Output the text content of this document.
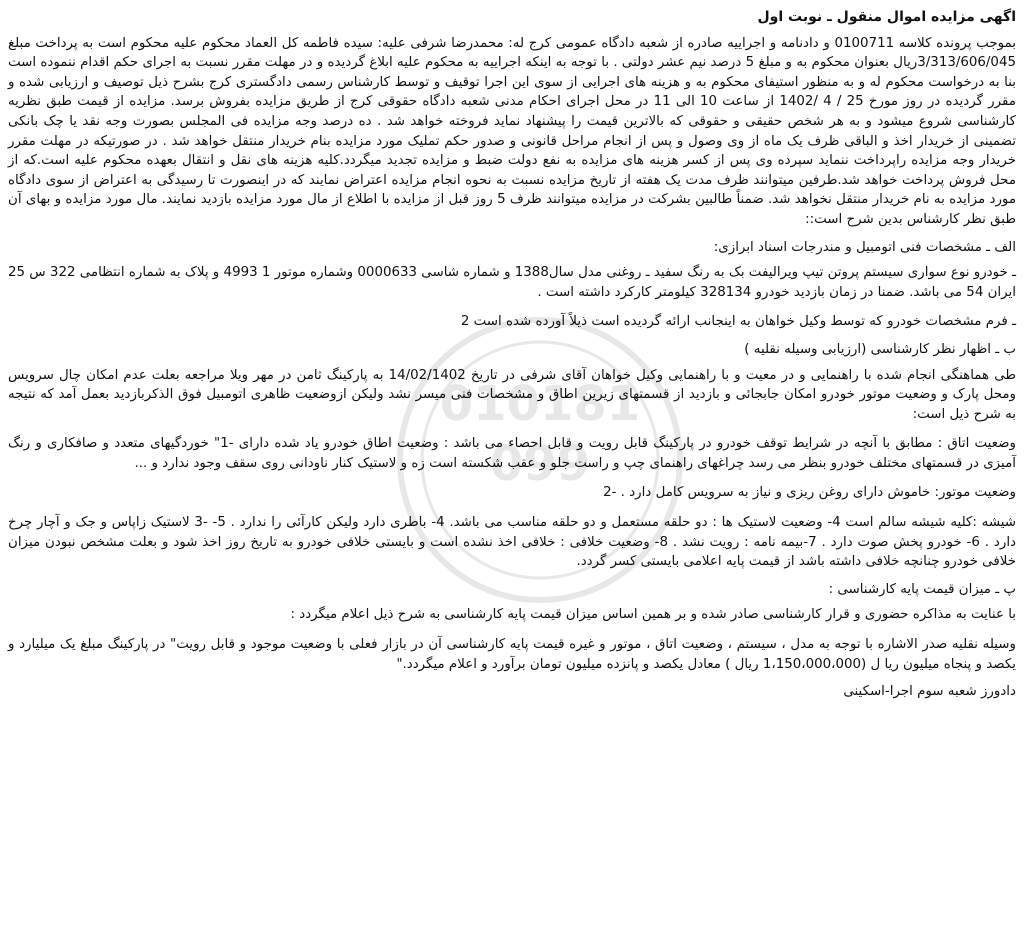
010181
099
اگهی مزایده اموال منقول ـ نوبت اول

بموجب پرونده کلاسه 0100711 و دادنامه و اجراییه صادره از شعبه دادگاه عمومی کرج له: محمدرضا شرفی علیه: سیده فاطمه کل العماد محکوم علیه محکوم است به پرداخت مبلغ 3/313/606/045ریال بعنوان محکوم به و مبلغ 5 درصد نیم عشر دولتی . با توجه به اینکه اجراییه به محکوم علیه ابلاغ گردیده و در مهلت مقرر نسبت به اجرای حکم اقدام ننموده است بنا به درخواست محکوم له و به منظور استیفای محکوم به و هزینه های اجرایی از سوی این اجرا توقیف و توسط کارشناس رسمی دادگستری کرج بشرح ذیل توصیف و ارزیابی شده و مقرر گردیده در روز مورخ 25 / 4 /1402 از ساعت 10 الی 11 در محل اجرای احکام مدنی شعبه دادگاه حقوقی کرج از طریق مزایده بفروش برسد. مزایده از قیمت طبق نظریه کارشناسی شروع میشود و به هر شخص حقیقی و حقوقی که بالاترین قیمت را پیشنهاد نماید فروخته خواهد شد . ده درصد وجه مزایده فی المجلس بصورت وجه نقد یا چک بانکی تضمینی از خریدار اخذ و الباقی ظرف یک ماه از وی وصول و پس از انجام مراحل قانونی و صدور حکم تملیک مورد مزایده بنام خریدار منتقل خواهد شد . در صورتیکه در مهلت مقرر خریدار وجه مزایده راپرداخت ننماید سپرده وی پس از کسر هزینه های مزایده به نفع دولت ضبط و مزایده تجدید میگردد.کلیه هزینه های نقل و انتقال بعهده محکوم علیه است.که از محل فروش پرداخت خواهد شد.طرفین میتوانند ظرف مدت یک هفته از تاریخ مزایده نسبت به نحوه انجام مزایده اعتراض نمایند که در اینصورت تا رسیدگی به اعتراض از سوی دادگاه مورد مزایده به نام خریدار منتقل نخواهد شد. ضمناً طالبین بشرکت در مزایده میتوانند ظرف 5 روز قبل از مزایده با اطلاع از مال مورد مزایده بازدید نمایند. مال مورد مزایده و بهای آن طبق نظر کارشناس بدین شرح است::

الف ـ مشخصات فنی اتومبیل و مندرجات اسناد ابرازی:

ـ خودرو نوع سواری سیستم پروتن تیپ ویرالیفت بک به رنگ سفید ـ روغنی مدل سال1388 و شماره شاسی 0000633 وشماره موتور 1 4993 و پلاک به شماره انتظامی 322 س 25 ایران 54 می باشد. ضمنا در زمان بازدید خودرو 328134 کیلومتر کارکرد داشته است .

ـ فرم مشخصات خودرو که توسط وکیل خواهان به اینجانب ارائه گردیده است ذیلاً آورده شده است 2

ب ـ اظهار نظر کارشناسی (ارزیابی وسیله نقلیه )

طی هماهنگی انجام شده با راهنمایی و در معیت و با راهنمایی وکیل خواهان آقای شرفی در تاریخ 14/02/1402 به پارکینگ ثامن در مهر ویلا مراجعه بعلت عدم امکان چال سرویس ومحل پارک و وضعیت موتور خودرو امکان جابجائی و بازدید از قسمتهای زیرین اطاق و مشخصات فنی میسر نشد ولیکن ازوضعیت ظاهری اتومبیل فوق الذکربازدید بعمل آمد که نتیجه به شرح ذیل است:

وضعیت اتاق : مطابق با آنچه در شرایط توقف خودرو در پارکینگ قابل رویت و قابل احصاء می باشد : وضعیت اطاق خودرو یاد شده دارای -1" خوردگیهای متعدد و صافکاری و رنگ آمیزی در قسمتهای مختلف خودرو بنظر می رسد چراغهای راهنمای چپ و راست جلو و عقب شکسته است زه و لاستیک کنار ناودانی روی سقف وجود ندارد و ...

وضعیت موتور: خاموش دارای روغن ریزی و نیاز به سرویس کامل دارد . -2

شیشه :کلیه شیشه سالم است 4- وضعیت لاستیک ها : دو حلقه مستعمل و دو حلقه مناسب می باشد. 4- باطری دارد ولیکن کارآئی را ندارد . 5- -3 لاستیک زاپاس و جک و آچار چرخ دارد . 6- خودرو پخش صوت دارد . 7-بیمه نامه : رویت نشد . 8- وضعیت خلافی : خلافی اخذ نشده است و بایستی خلافی خودرو به تاریخ روز اخذ شود و بعلت مشخص نبودن میزان خلافی خودرو چنانچه خلافی داشته باشد از قیمت پایه اعلامی بایستی کسر گردد.

پ ـ میزان قیمت پایه کارشناسی :

با عنایت به مذاکره حضوری و قرار کارشناسی صادر شده و بر همین اساس میزان قیمت پایه کارشناسی به شرح ذیل اعلام میگردد :

وسیله نقلیه صدر الاشاره با توجه به مدل ، سیستم ، وضعیت اتاق ، موتور و غیره قیمت پایه کارشناسی آن در بازار فعلی با وضعیت موجود و قابل رویت" در پارکینگ مبلغ یک میلیارد و یکصد و پنجاه میلیون ریا ل (1،150،000،000 ریال ) معادل یکصد و پانزده میلیون تومان برآورد و اعلام میگردد."

دادورز شعبه سوم اجرا-اسکینی
